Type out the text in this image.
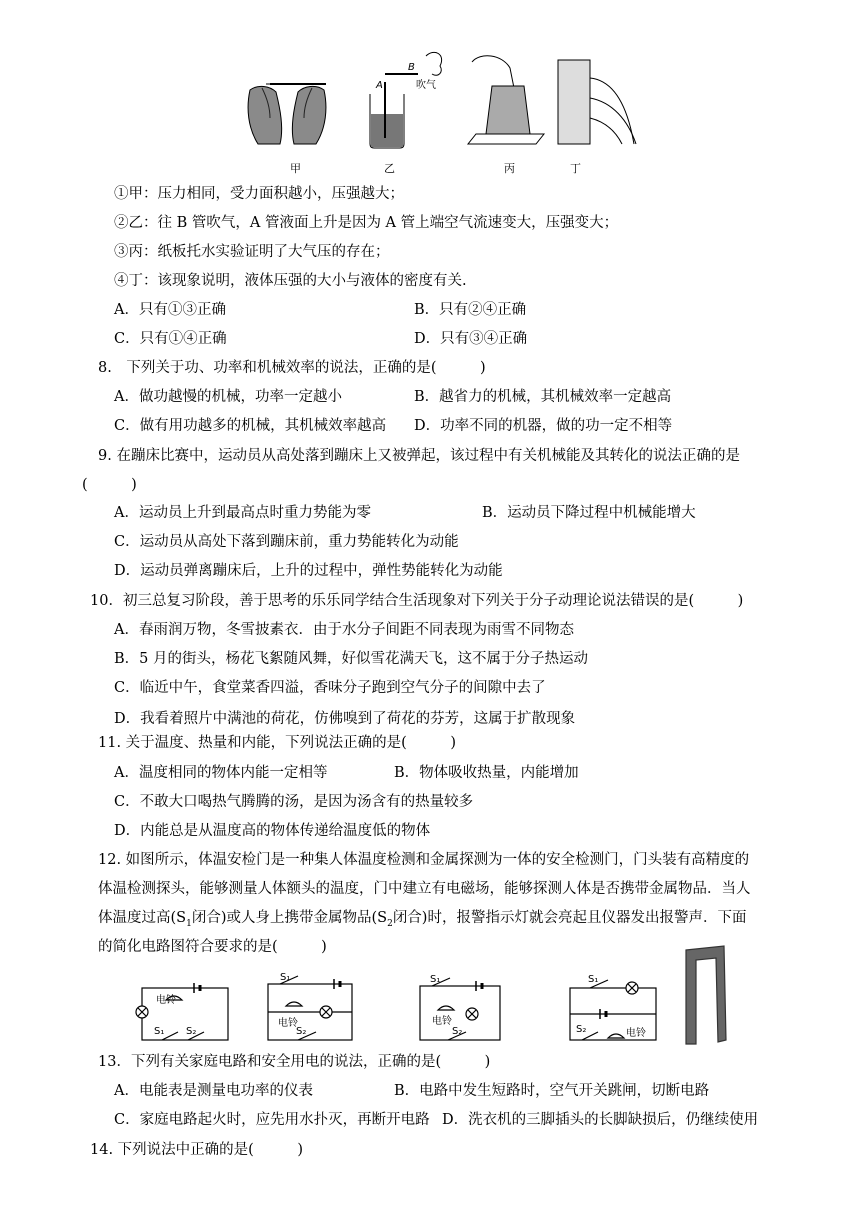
甲
A
B
吹气
乙	丙	丁
①甲：压力相同，受力面积越小，压强越大；
②乙：往 B 管吹气，A 管液面上升是因为 A 管上端空气流速变大，压强变大；
③丙：纸板托水实验证明了大气压的存在；
④丁：该现象说明，液体压强的大小与液体的密度有关.
A．只有①③正确	B．只有②④正确
C．只有①④正确	D．只有③④正确
8.　下列关于功、功率和机械效率的说法，正确的是(　　　)
A．做功越慢的机械，功率一定越小	B．越省力的机械，其机械效率一定越高
C．做有用功越多的机械，其机械效率越高 D．功率不同的机器，做的功一定不相等
9. 在蹦床比赛中，运动员从高处落到蹦床上又被弹起，该过程中有关机械能及其转化的说法正确的是
(　　　)
A．运动员上升到最高点时重力势能为零	B．运动员下降过程中机械能增大
C．运动员从高处下落到蹦床前，重力势能转化为动能
D．运动员弹离蹦床后，上升的过程中，弹性势能转化为动能
10．初三总复习阶段，善于思考的乐乐同学结合生活现象对下列关于分子动理论说法错误的是(　　　)
A．春雨润万物，冬雪披素衣．由于水分子间距不同表现为雨雪不同物态
B．5 月的街头，杨花飞絮随风舞，好似雪花满天飞，这不属于分子热运动
C．临近中午，食堂菜香四溢，香味分子跑到空气分子的间隙中去了
D．我看着照片中满池的荷花，仿佛嗅到了荷花的芬芳，这属于扩散现象
11. 关于温度、热量和内能，下列说法正确的是(　　　)
A．温度相同的物体内能一定相等	B．物体吸收热量，内能增加
C．不敢大口喝热气腾腾的汤，是因为汤含有的热量较多
D．内能总是从温度高的物体传递给温度低的物体
12. 如图所示，体温安检门是一种集人体温度检测和金属探测为一体的安全检测门，门头装有高精度的
体温检测探头，能够测量人体额头的温度，门中建立有电磁场，能够探测人体是否携带金属物品．当人
体温度过高($S_1$闭合)或人身上携带金属物品($S_2$闭合)时，报警指示灯就会亮起且仪器发出报警声．下面
的简化电路图符合要求的是(　　　)
电铃
S₁ S₂
S₁
电铃
S₂
S₁
电铃
S₂
S₁
S₂	电铃
13．下列有关家庭电路和安全用电的说法，正确的是(　　　)
A．电能表是测量电功率的仪表	B．电路中发生短路时，空气开关跳闸，切断电路
C．家庭电路起火时，应先用水扑灭，再断开电路 D．洗衣机的三脚插头的长脚缺损后，仍继续使用
14. 下列说法中正确的是(　　　)
